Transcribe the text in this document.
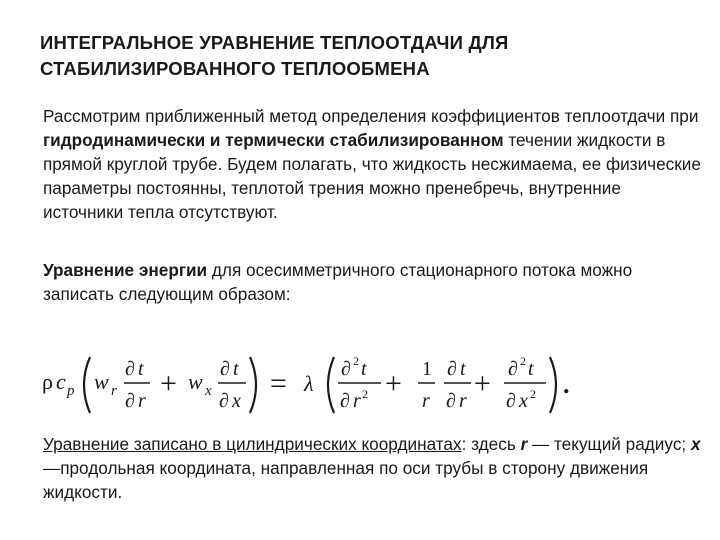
ИНТЕГРАЛЬНОЕ УРАВНЕНИЕ ТЕПЛООТДАЧИ ДЛЯ
СТАБИЛИЗИРОВАННОГО ТЕПЛООБМЕНА
Рассмотрим приближенный метод определения коэффициентов теплоотдачи при гидродинамически и термически стабилизированном течении жидкости в прямой круглой трубе. Будем полагать, что жидкость несжимаема, ее физические параметры постоянны, теплотой трения можно пренебречь, внутренние источники тепла отсутствуют.
Уравнение энергии для осесимметричного стационарного потока можно записать следующим образом:
ρ c p w r
∂ t
∂ r
+ w x
∂ t
∂ x
= λ
∂ 2 t
∂ r 2 + 1
r
∂ t
∂ r
+ ∂ 2 t
∂ x 2 .
Уравнение записано в цилиндрических координатах: здесь r — текущий радиус; x—продольная координата, направленная по оси трубы в сторону движения жидкости.
